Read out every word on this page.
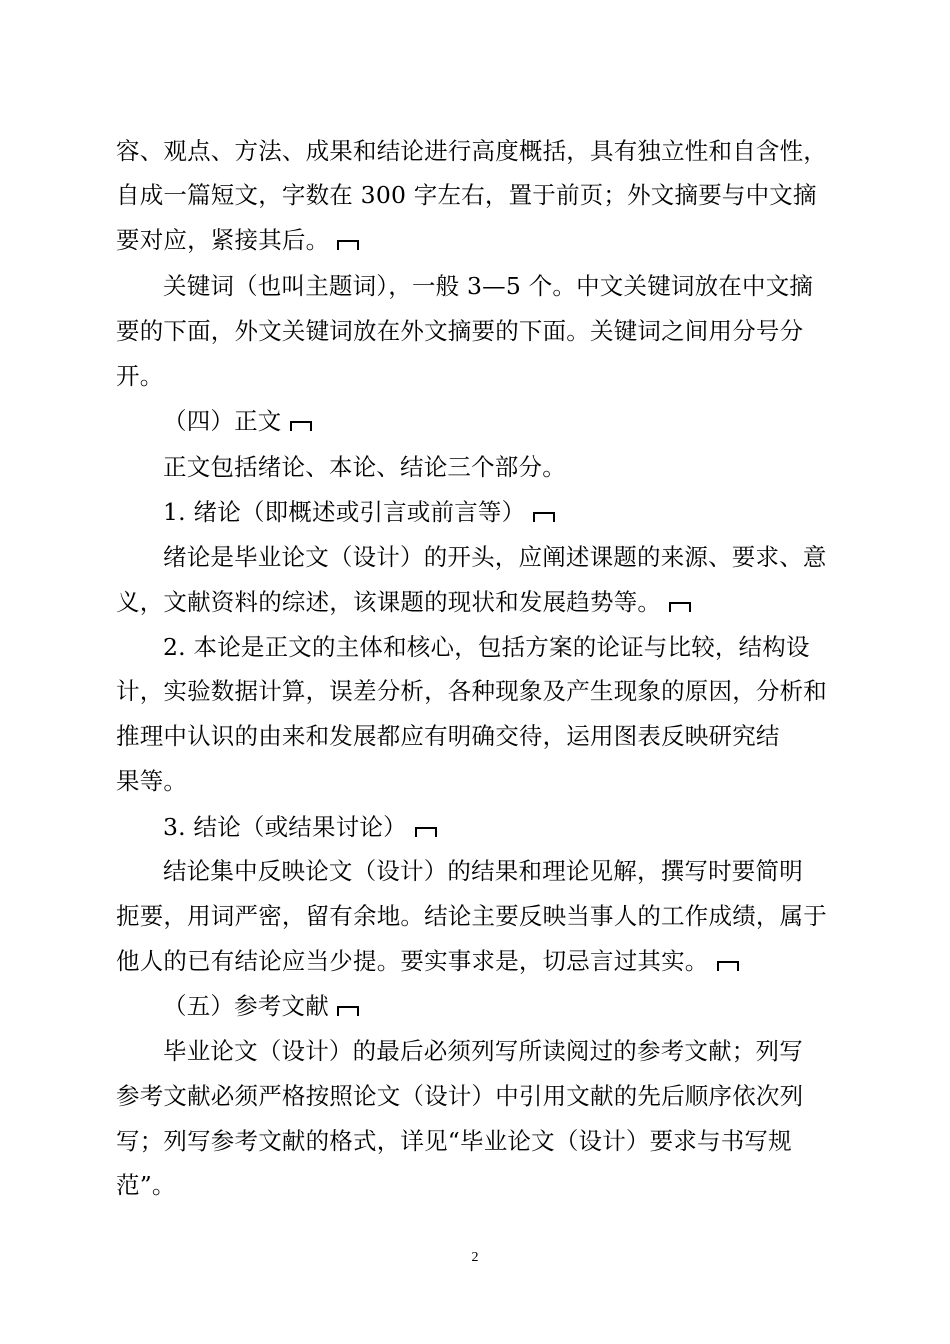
容、观点、方法、成果和结论进行高度概括，具有独立性和自含性，
自成一篇短文，字数在 300 字左右，置于前页；外文摘要与中文摘
要对应，紧接其后。
关键词（也叫主题词），一般 3—5 个。中文关键词放在中文摘
要的下面，外文关键词放在外文摘要的下面。关键词之间用分号分
开。
（四）正文
正文包括绪论、本论、结论三个部分。
1. 绪论（即概述或引言或前言等）
绪论是毕业论文（设计）的开头，应阐述课题的来源、要求、意
义，文献资料的综述，该课题的现状和发展趋势等。
2. 本论是正文的主体和核心，包括方案的论证与比较，结构设
计，实验数据计算，误差分析，各种现象及产生现象的原因，分析和
推理中认识的由来和发展都应有明确交待，运用图表反映研究结
果等。
3. 结论（或结果讨论）
结论集中反映论文（设计）的结果和理论见解，撰写时要简明
扼要，用词严密，留有余地。结论主要反映当事人的工作成绩，属于
他人的已有结论应当少提。要实事求是，切忌言过其实。
（五）参考文献
毕业论文（设计）的最后必须列写所读阅过的参考文献；列写
参考文献必须严格按照论文（设计）中引用文献的先后顺序依次列
写；列写参考文献的格式，详见“毕业论文（设计）要求与书写规
范”。
2
